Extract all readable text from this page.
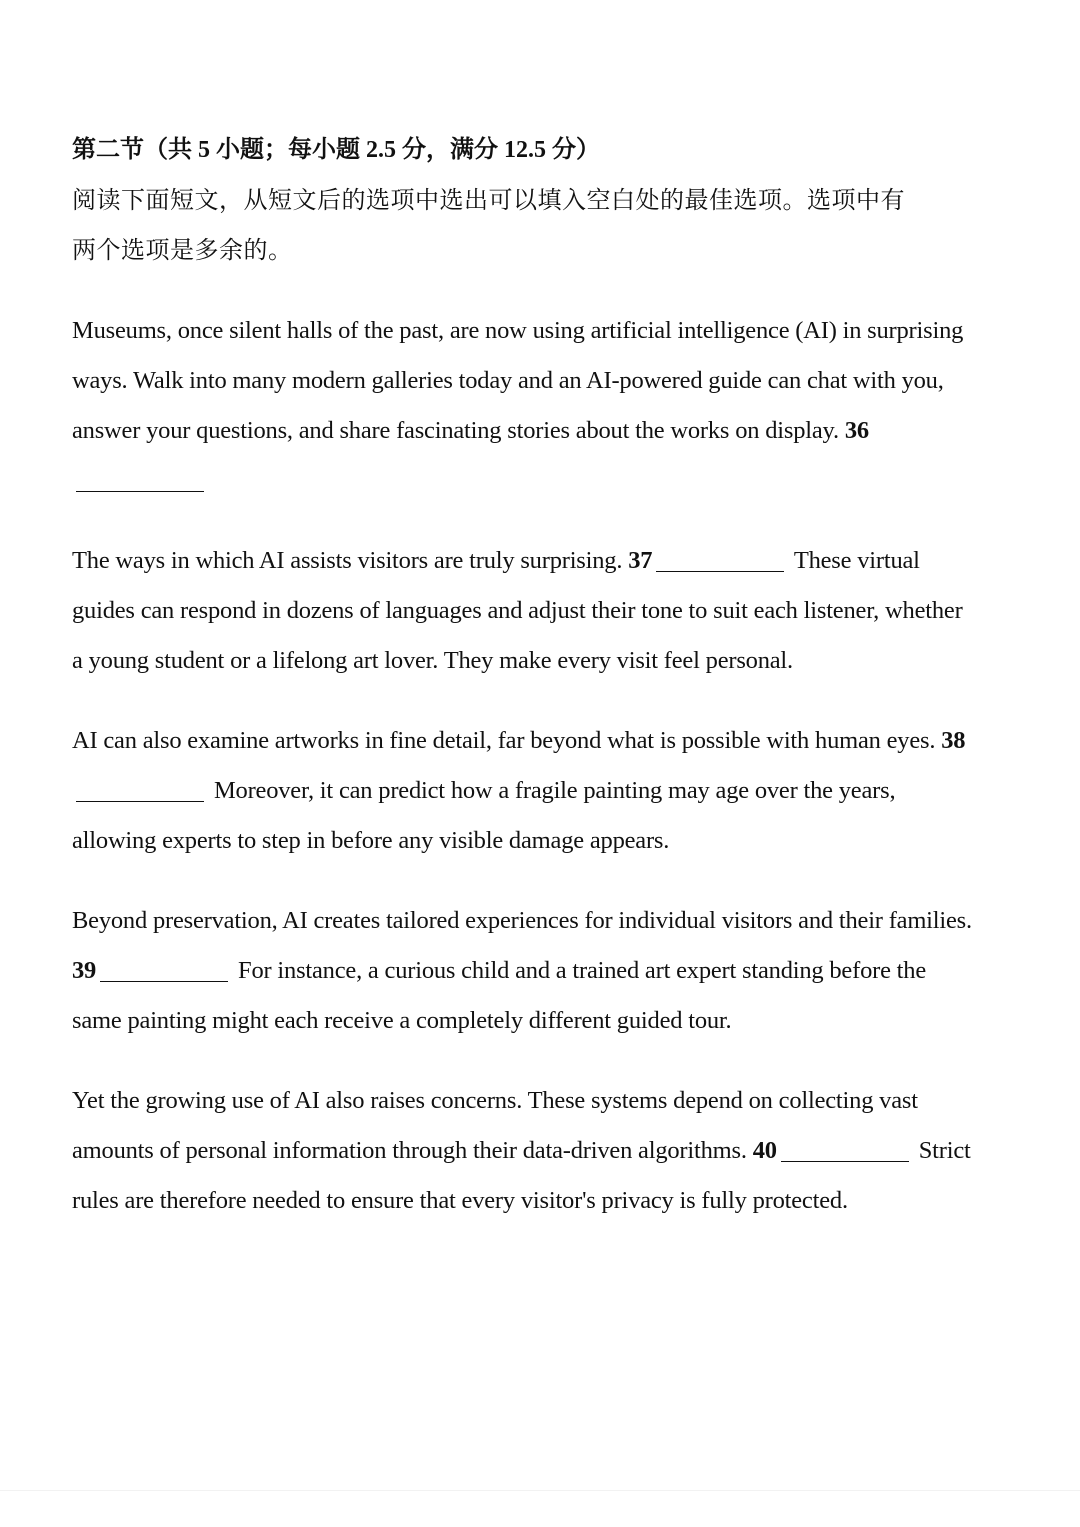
第二节（共 5 小题；每小题 2.5 分，满分 12.5 分）
阅读下面短文，从短文后的选项中选出可以填入空白处的最佳选项。选项中有
两个选项是多余的。

Museums, once silent halls of the past, are now using artificial intelligence (AI) in surprising ways. Walk into many modern galleries today and an AI-powered guide can chat with you, answer your questions, and share fascinating stories about the works on display. 36

The ways in which AI assists visitors are truly surprising. 37	These virtual guides can respond in dozens of languages and adjust their tone to suit each listener, whether a young student or a lifelong art lover. They make every visit feel personal.

AI can also examine artworks in fine detail, far beyond what is possible with human eyes. 38 Moreover, it can predict how a fragile painting may age over the years, allowing experts to step in before any visible damage appears.

Beyond preservation, AI creates tailored experiences for individual visitors and their families. 39	For instance, a curious child and a trained art expert standing before the same painting might each receive a completely different guided tour.

Yet the growing use of AI also raises concerns. These systems depend on collecting vast amounts of personal information through their data-driven algorithms. 40	Strict rules are therefore needed to ensure that every visitor's privacy is fully protected.
